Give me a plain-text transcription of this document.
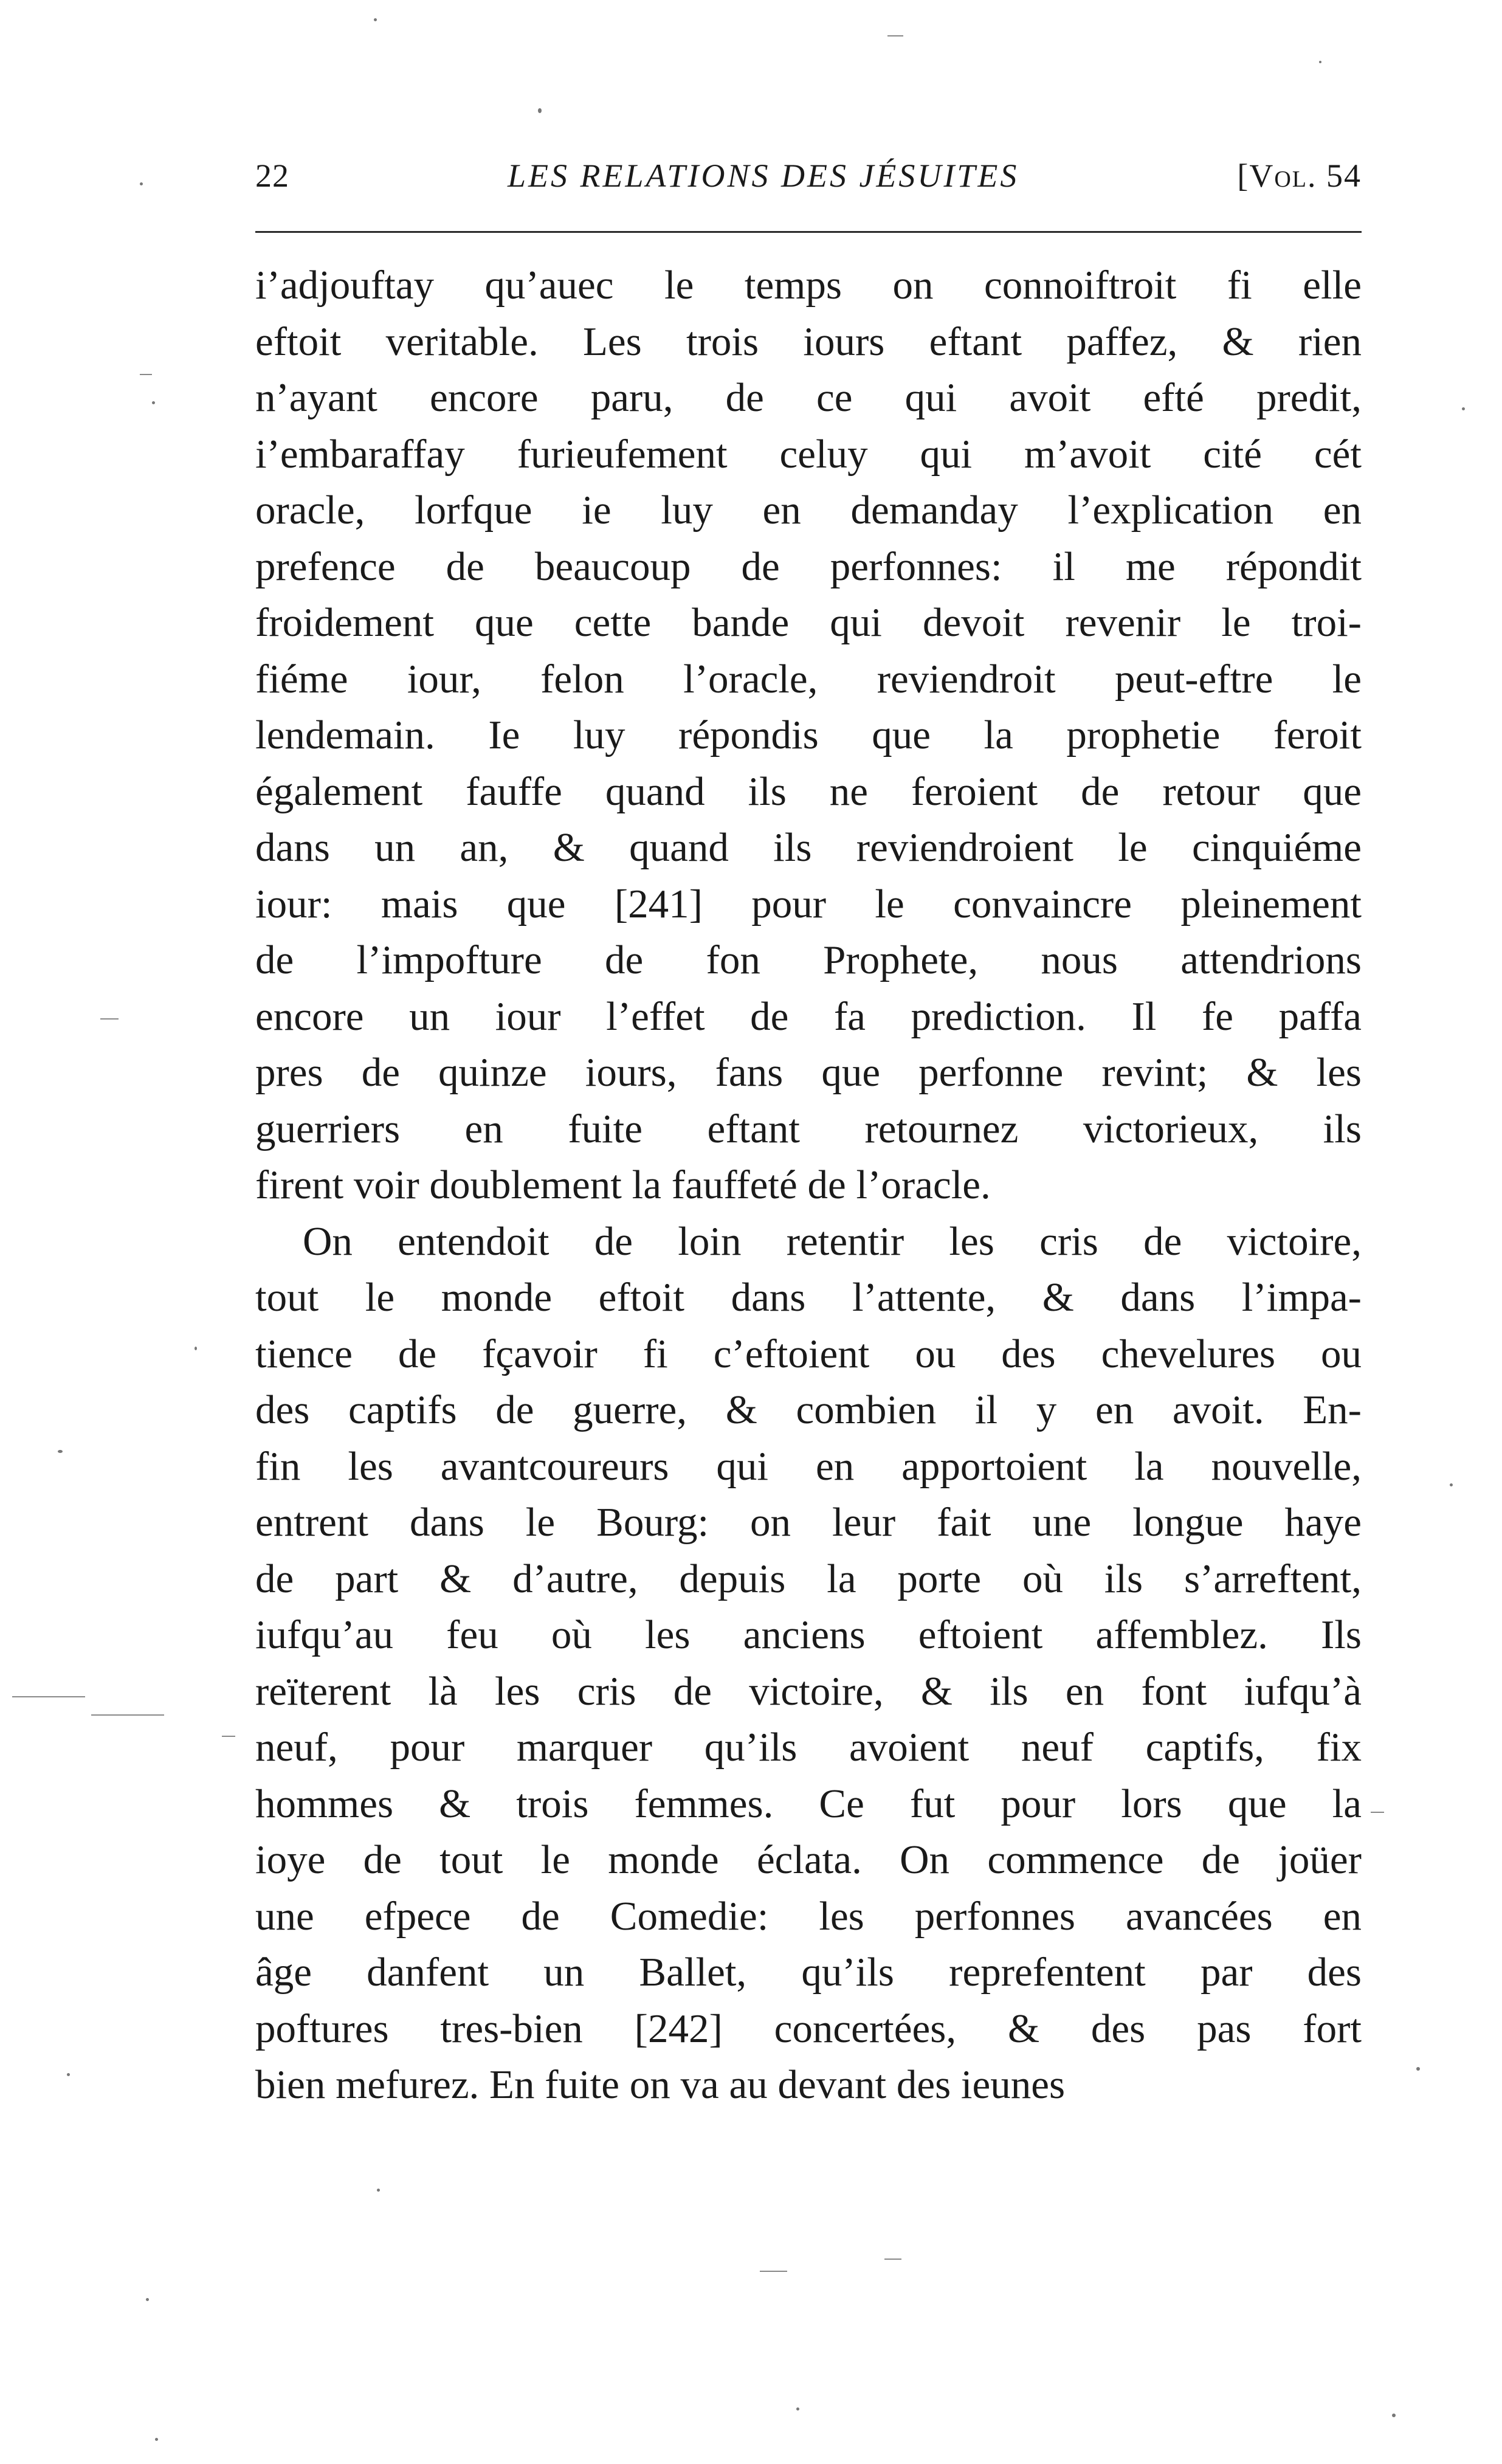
22	LES RELATIONS DES JÉSUITES	[Vol. 54
i’adjouftay qu’auec le temps on connoiftroit fi elle
eftoit veritable. Les trois iours eftant paffez, & rien
n’ayant encore paru, de ce qui avoit efté predit,
i’embaraffay furieufement celuy qui m’avoit cité cét
oracle, lorfque ie luy en demanday l’explication en
prefence de beaucoup de perfonnes: il me répondit
froidement que cette bande qui devoit revenir le troi-
fiéme iour, felon l’oracle, reviendroit peut-eftre le
lendemain. Ie luy répondis que la prophetie feroit
également fauffe quand ils ne feroient de retour que
dans un an, & quand ils reviendroient le cinquiéme
iour: mais que [241] pour le convaincre pleinement
de l’impofture de fon Prophete, nous attendrions
encore un iour l’effet de fa prediction. Il fe paffa
pres de quinze iours, fans que perfonne revint; & les
guerriers en fuite eftant retournez victorieux, ils
firent voir doublement la fauffeté de l’oracle.
On entendoit de loin retentir les cris de victoire,
tout le monde eftoit dans l’attente, & dans l’impa-
tience de fçavoir fi c’eftoient ou des chevelures ou
des captifs de guerre, & combien il y en avoit. En-
fin les avantcoureurs qui en apportoient la nouvelle,
entrent dans le Bourg: on leur fait une longue haye
de part & d’autre, depuis la porte où ils s’arreftent,
iufqu’au feu où les anciens eftoient affemblez. Ils
reïterent là les cris de victoire, & ils en font iufqu’à
neuf, pour marquer qu’ils avoient neuf captifs, fix
hommes & trois femmes. Ce fut pour lors que la
ioye de tout le monde éclata. On commence de joüer
une efpece de Comedie: les perfonnes avancées en
âge danfent un Ballet, qu’ils reprefentent par des
poftures tres-bien [242] concertées, & des pas fort
bien mefurez. En fuite on va au devant des ieunes
